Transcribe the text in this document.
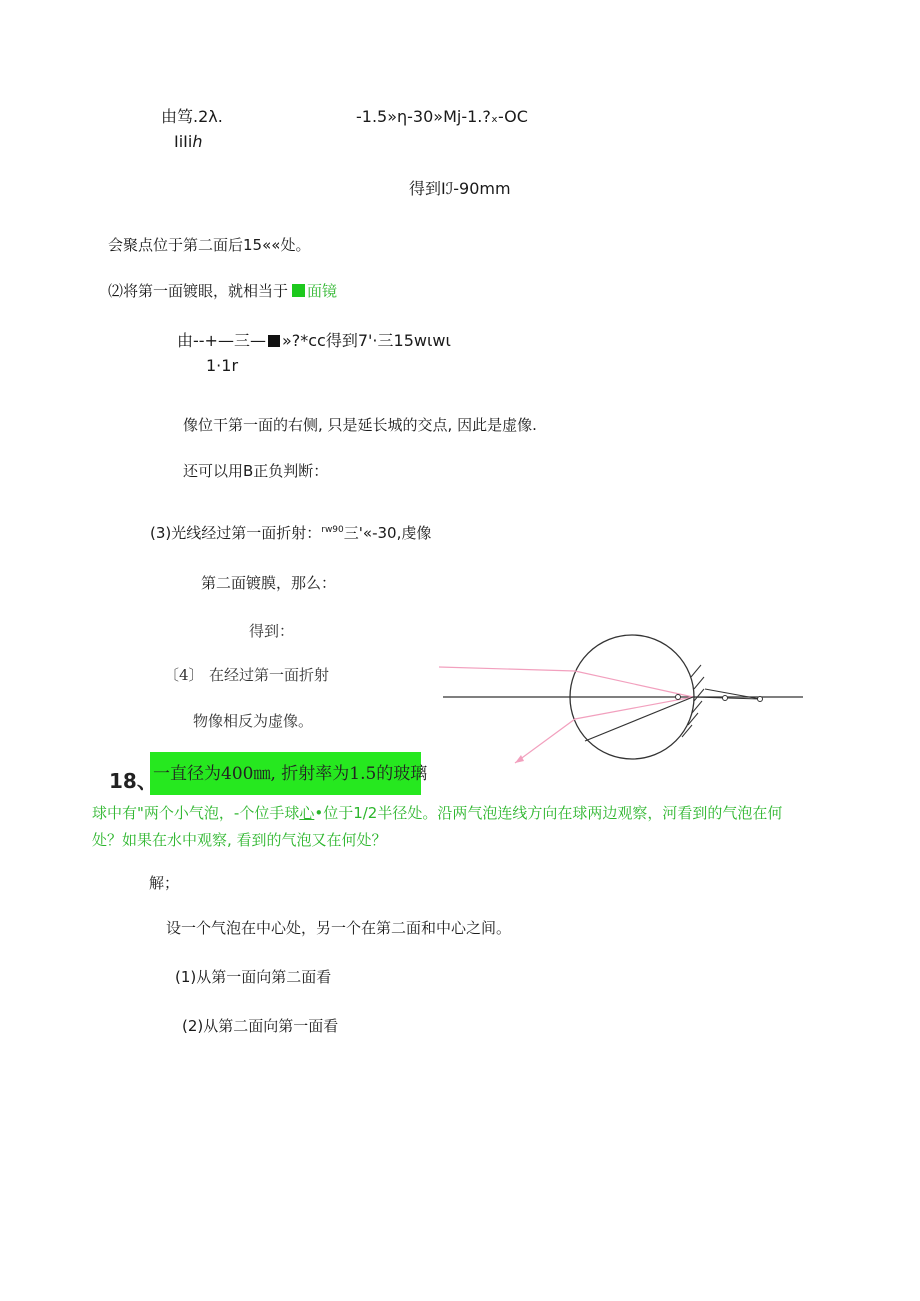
由笃.2λ.	-1.5»η-30»Mj-1.?ₓ-OC
IiIiℎ
得到Iℐ-90mm
会聚点位于第二面后15««处。
⑵将第一面镀眼，就相当于 面镜
由--+—三— »?*cc得到7'·三15wιwι
1·1r
像位干第一面的右侧, 只是延长城的交点, 因此是虚像.
还可以用B正负判断：
(3)光线经过第一面折射：$^{rw90}$三'«-30,虔像
第二面镀膜，那么：
得到：
〔4〕 在经过第一面折射
物像相反为虚像。
18、
一直径为400㎜, 折射率为1.5的玻璃
球中有"两个小气泡，-个位手球心•位于1/2半径处。沿两气泡连线方向在球两边观察，河看到的气泡在何
处？如果在水中观察, 看到的气泡又在何处？
解；
设一个气泡在中心处，另一个在第二面和中心之间。
(1)从第一面向第二面看
(2)从第二面向第一面看
